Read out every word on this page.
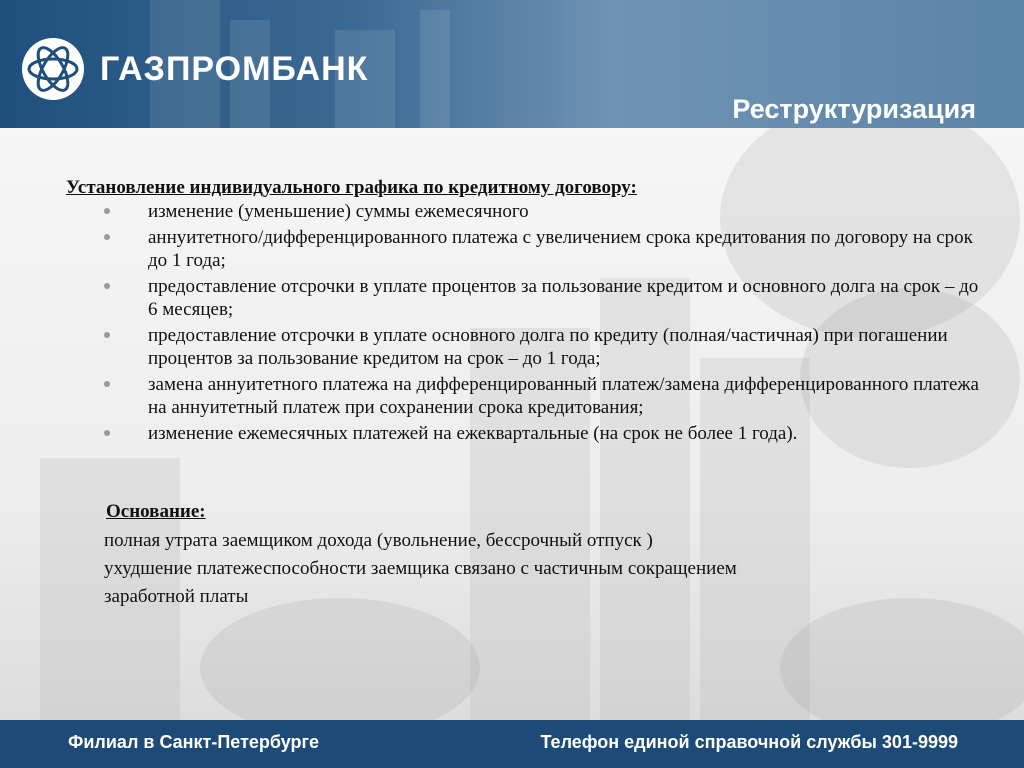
ГАЗПРОМБАНК
Реструктуризация
Установление индивидуального графика по кредитному договору:
изменение (уменьшение) суммы ежемесячного
аннуитетного/дифференцированного платежа с увеличением срока кредитования по договору на срок до 1 года;
предоставление отсрочки в уплате процентов за пользование кредитом и основного долга на срок – до 6 месяцев;
предоставление отсрочки в уплате основного долга по кредиту (полная/частичная) при погашении процентов за пользование кредитом на срок – до 1 года;
замена аннуитетного платежа на дифференцированный платеж/замена дифференцированного платежа на аннуитетный платеж при сохранении срока кредитования;
изменение ежемесячных платежей на ежеквартальные (на срок не более 1 года).
Основание:
полная утрата заемщиком дохода (увольнение, бессрочный отпуск )
ухудшение платежеспособности заемщика связано с частичным сокращением
заработной платы
Филиал в Санкт-Петербурге	Телефон единой справочной службы 301-9999
